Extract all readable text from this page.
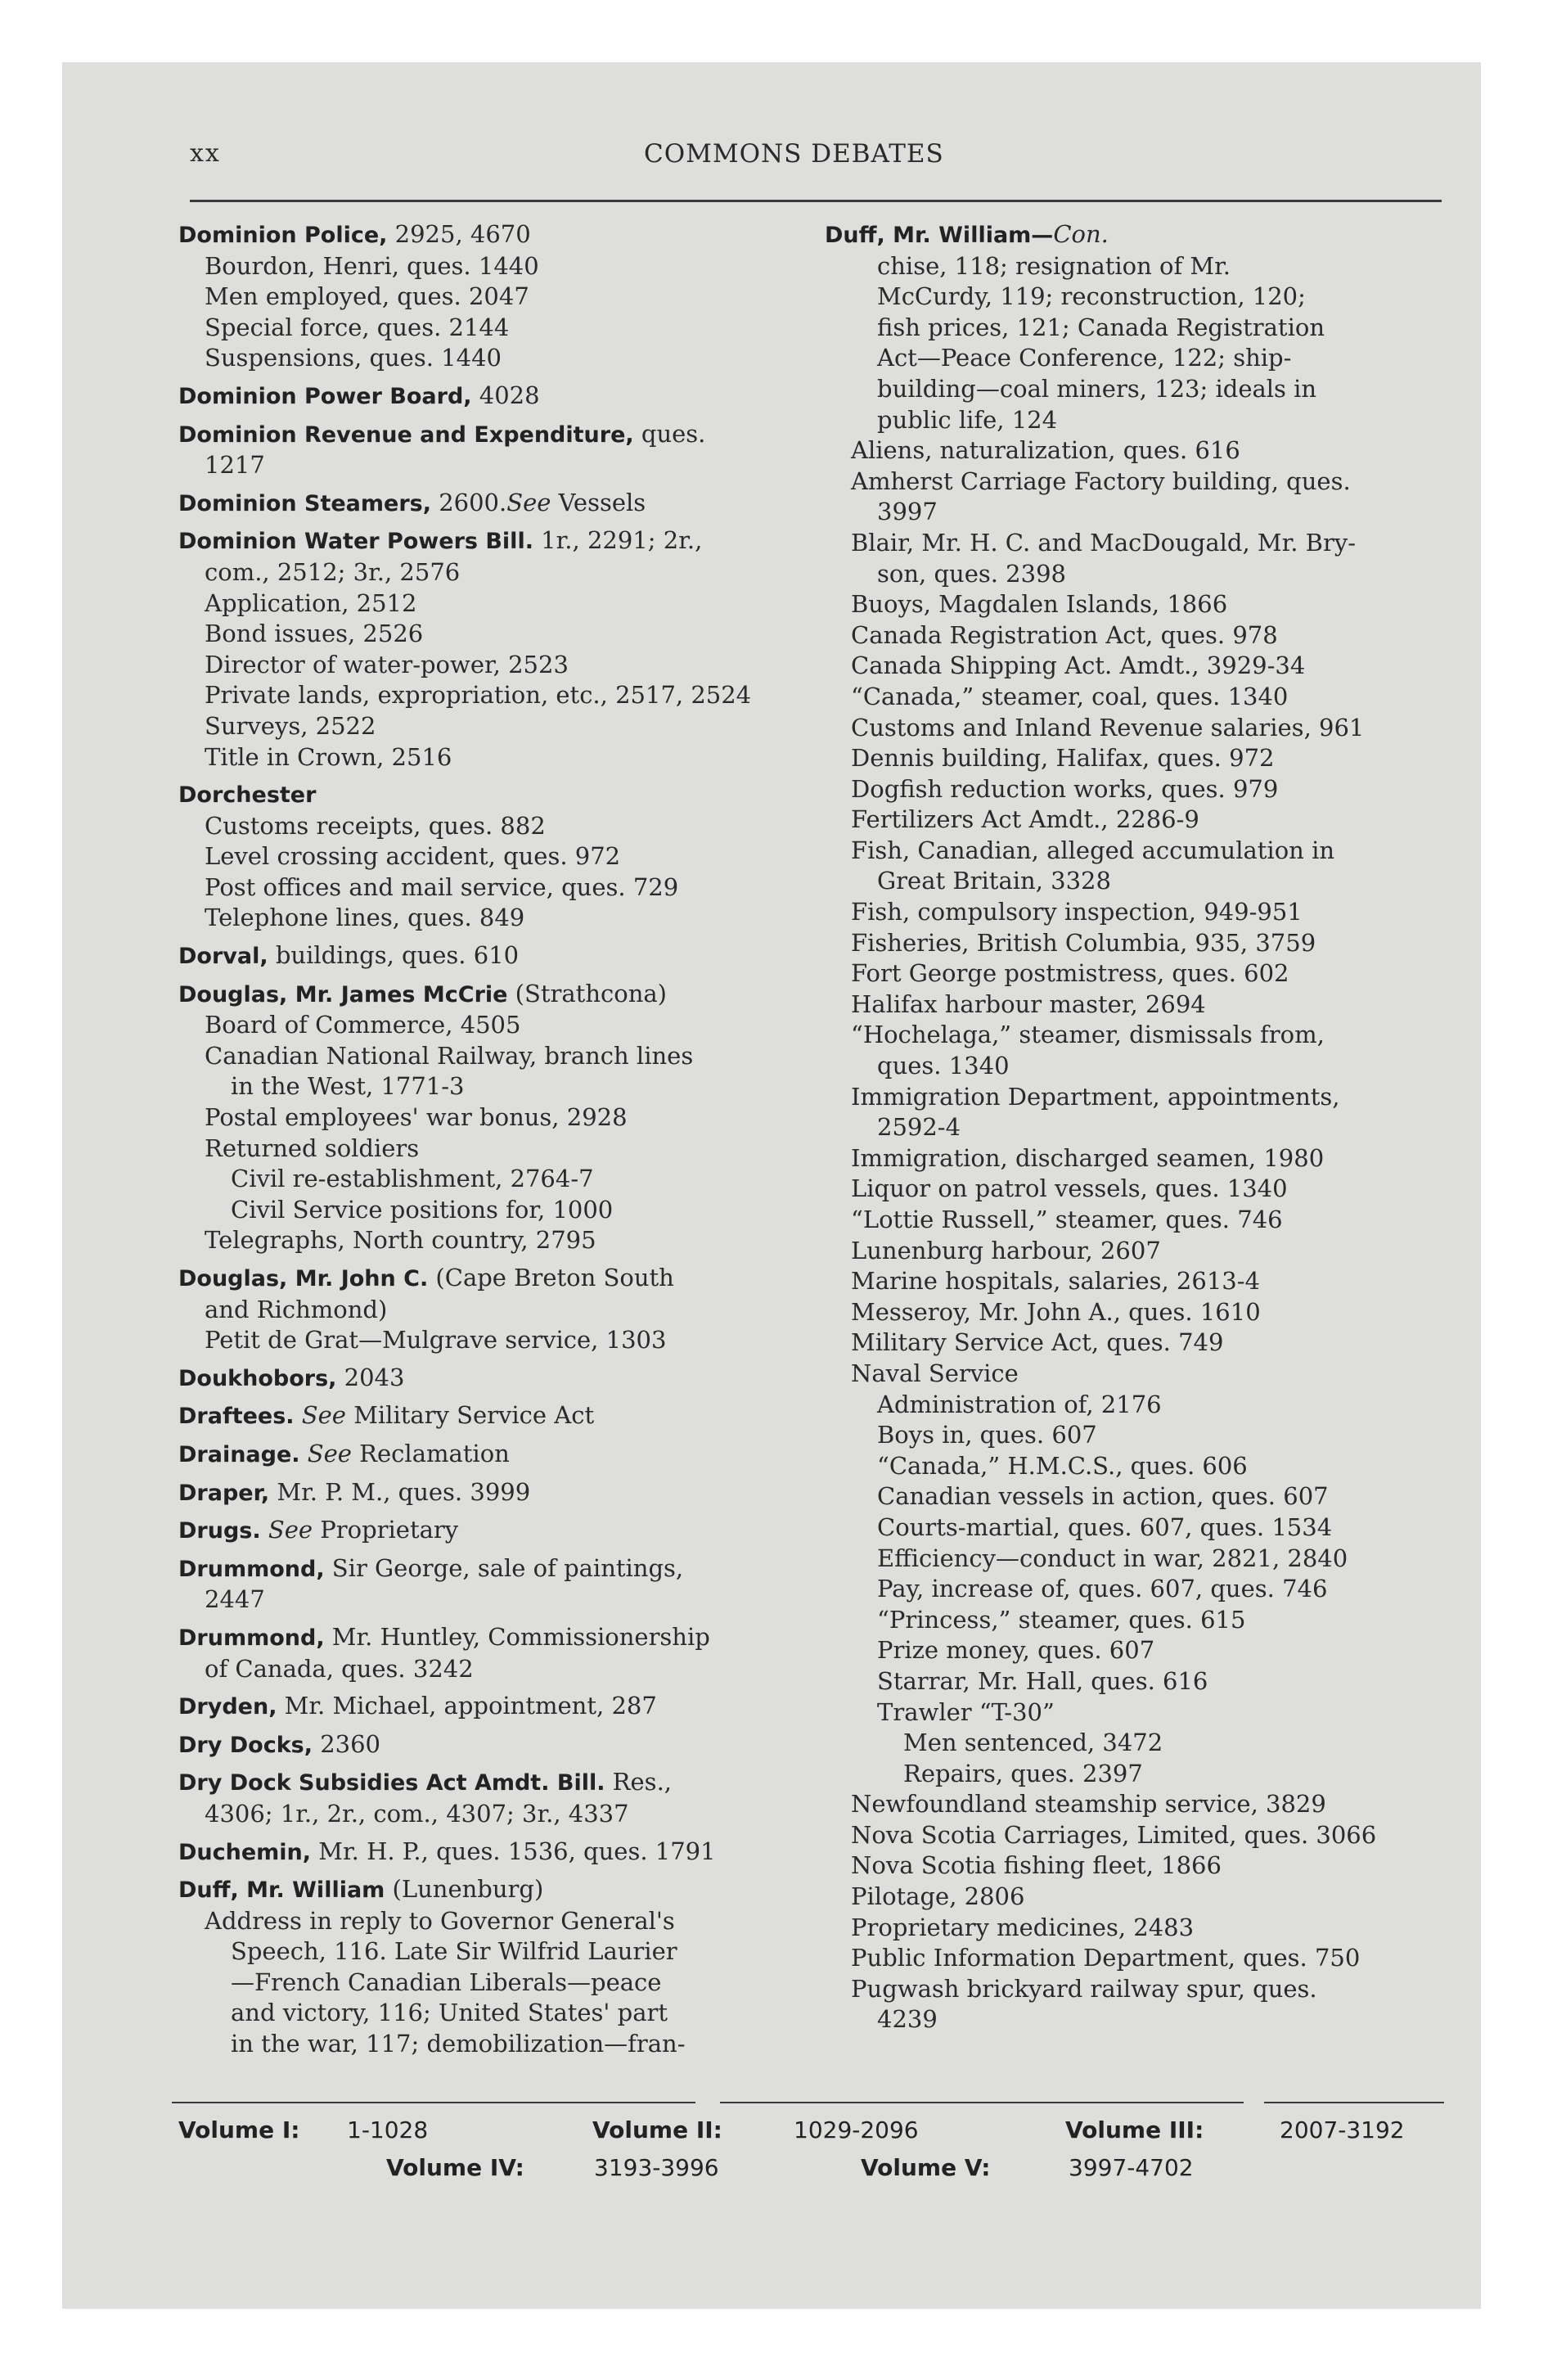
xx	COMMONS DEBATES
Dominion Police, 2925, 4670
Bourdon, Henri, ques. 1440
Men employed, ques. 2047
Special force, ques. 2144
Suspensions, ques. 1440
Dominion Power Board, 4028
Dominion Revenue and Expenditure, ques.
1217
Dominion Steamers, 2600.See Vessels
Dominion Water Powers Bill. 1r., 2291; 2r.,
com., 2512; 3r., 2576
Application, 2512
Bond issues, 2526
Director of water-power, 2523
Private lands, expropriation, etc., 2517, 2524
Surveys, 2522
Title in Crown, 2516
Dorchester
Customs receipts, ques. 882
Level crossing accident, ques. 972
Post offices and mail service, ques. 729
Telephone lines, ques. 849
Dorval, buildings, ques. 610
Douglas, Mr. James McCrie (Strathcona)
Board of Commerce, 4505
Canadian National Railway, branch lines
in the West, 1771-3
Postal employees' war bonus, 2928
Returned soldiers
Civil re-establishment, 2764-7
Civil Service positions for, 1000
Telegraphs, North country, 2795
Douglas, Mr. John C. (Cape Breton South
and Richmond)
Petit de Grat—Mulgrave service, 1303
Doukhobors, 2043
Draftees. See Military Service Act
Drainage. See Reclamation
Draper, Mr. P. M., ques. 3999
Drugs. See Proprietary
Drummond, Sir George, sale of paintings,
2447
Drummond, Mr. Huntley, Commissionership
of Canada, ques. 3242
Dryden, Mr. Michael, appointment, 287
Dry Docks, 2360
Dry Dock Subsidies Act Amdt. Bill. Res.,
4306; 1r., 2r., com., 4307; 3r., 4337
Duchemin, Mr. H. P., ques. 1536, ques. 1791
Duff, Mr. William (Lunenburg)
Address in reply to Governor General's
Speech, 116. Late Sir Wilfrid Laurier
—French Canadian Liberals—peace
and victory, 116; United States' part
in the war, 117; demobilization—fran-
Duff, Mr. William—Con.
chise, 118; resignation of Mr.
McCurdy, 119; reconstruction, 120;
fish prices, 121; Canada Registration
Act—Peace Conference, 122; ship-
building—coal miners, 123; ideals in
public life, 124
Aliens, naturalization, ques. 616
Amherst Carriage Factory building, ques.
3997
Blair, Mr. H. C. and MacDougald, Mr. Bry-
son, ques. 2398
Buoys, Magdalen Islands, 1866
Canada Registration Act, ques. 978
Canada Shipping Act. Amdt., 3929-34
“Canada,” steamer, coal, ques. 1340
Customs and Inland Revenue salaries, 961
Dennis building, Halifax, ques. 972
Dogfish reduction works, ques. 979
Fertilizers Act Amdt., 2286-9
Fish, Canadian, alleged accumulation in
Great Britain, 3328
Fish, compulsory inspection, 949-951
Fisheries, British Columbia, 935, 3759
Fort George postmistress, ques. 602
Halifax harbour master, 2694
“Hochelaga,” steamer, dismissals from,
ques. 1340
Immigration Department, appointments,
2592-4
Immigration, discharged seamen, 1980
Liquor on patrol vessels, ques. 1340
“Lottie Russell,” steamer, ques. 746
Lunenburg harbour, 2607
Marine hospitals, salaries, 2613-4
Messeroy, Mr. John A., ques. 1610
Military Service Act, ques. 749
Naval Service
Administration of, 2176
Boys in, ques. 607
“Canada,” H.M.C.S., ques. 606
Canadian vessels in action, ques. 607
Courts-martial, ques. 607, ques. 1534
Efficiency—conduct in war, 2821, 2840
Pay, increase of, ques. 607, ques. 746
“Princess,” steamer, ques. 615
Prize money, ques. 607
Starrar, Mr. Hall, ques. 616
Trawler “T-30”
Men sentenced, 3472
Repairs, ques. 2397
Newfoundland steamship service, 3829
Nova Scotia Carriages, Limited, ques. 3066
Nova Scotia fishing fleet, 1866
Pilotage, 2806
Proprietary medicines, 2483
Public Information Department, ques. 750
Pugwash brickyard railway spur, ques.
4239
Volume I: 1-1028	Volume II:	1029-2096	Volume III:	2007-3192
Volume IV:	3193-3996	Volume V:	3997-4702
